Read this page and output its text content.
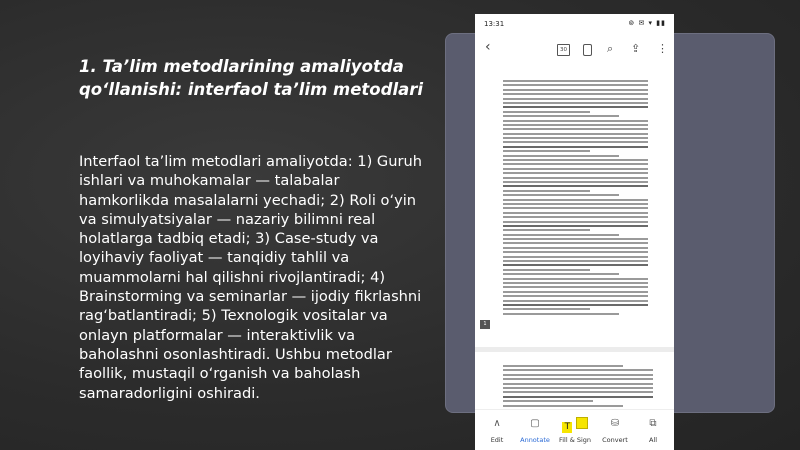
1. Ta’lim metodlarining amaliyotda qo‘llanishi: interfaol ta’lim metodlari

Interfaol ta’lim metodlari amaliyotda: 1) Guruh ishlari va muhokamalar — talabalar hamkorlikda masalalarni yechadi; 2) Roli o‘yin va simulyatsiyalar — nazariy bilimni real holatlarga tadbiq etadi; 3) Case-study va loyihaviy faoliyat — tanqidiy tahlil va muammolarni hal qilishni rivojlantiradi; 4) Brainstorming va seminarlar — ijodiy fikrlashni rag‘batlantiradi; 5) Texnologik vositalar va onlayn platformalar — interaktivlik va baholashni osonlashtiradi. Ushbu metodlar faollik, mustaqil o‘rganish va baholash samaradorligini oshiradi.

13:31	⊚ ✉ ▾ ▮▮
‹	30	⌕ ⇪ ⋮
1
∧
Edit
▢
Annotate
T
Fill & Sign
⛁
Convert
⧉
All
